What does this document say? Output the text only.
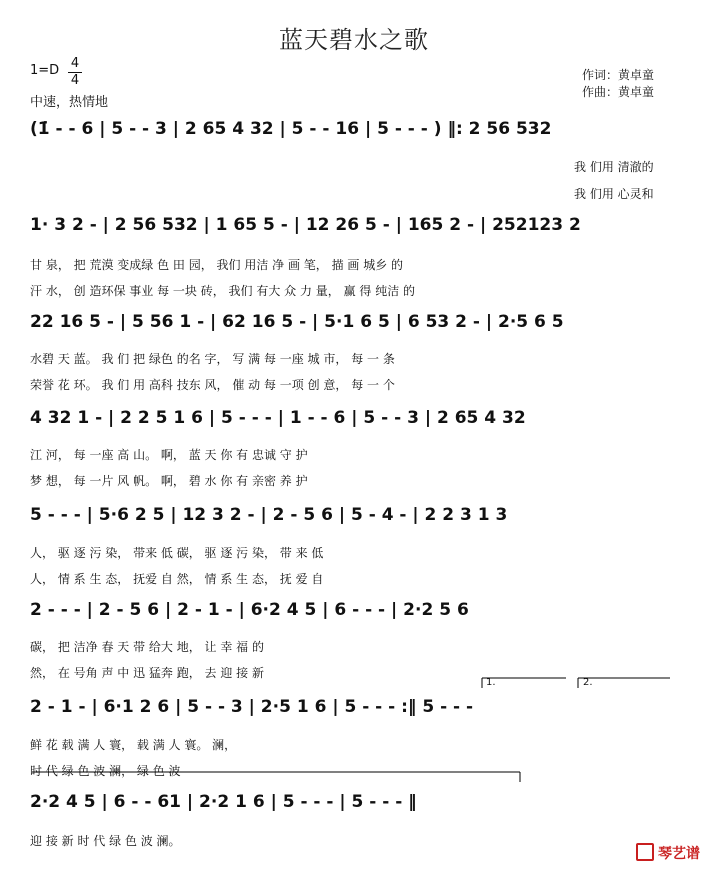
蓝天碧水之歌
1=D 4
4
中速，热情地
作词：黄卓童
作曲：黄卓童
(1̇ - - 6 | 5 - - 3 | 2 65 4 32 | 5 - - 16 | 5 - - - ) ‖: 2 56 532
我 们用 清澈的
我 们用 心灵和
1· 3 2 - | 2 56 532 | 1 65 5 - | 12 26 5 - | 165 2 - | 252123 2
甘 泉， 把 荒漠 变成绿 色 田 园， 我们 用洁 净 画 笔， 描 画 城乡 的
汗 水， 创 造环保 事业 每 一块 砖， 我们 有大 众 力 量， 赢 得 纯洁 的
22 16 5 - | 5 56 1 - | 62 16 5 - | 5·1 6 5 | 6 53 2 - | 2·5 6 5
水碧 天 蓝。 我 们 把 绿色 的名 字， 写 满 每 一座 城 市， 每 一 条
荣誉 花 环。 我 们 用 高科 技东 风， 催 动 每 一项 创 意， 每 一 个
4 32 1 - | 2 2 5 1 6 | 5 - - - | 1 - - 6 | 5 - - 3 | 2 65 4 32
江 河， 每 一座 高 山。 啊， 蓝 天 你 有 忠诚 守 护
梦 想， 每 一片 风 帆。 啊， 碧 水 你 有 亲密 养 护
5 - - - | 5·6 2 5 | 12 3 2 - | 2 - 5 6 | 5 - 4 - | 2 2 3 1 3
人， 驱 逐 污 染， 带来 低 碳， 驱 逐 污 染， 带 来 低
人， 情 系 生 态， 抚爱 自 然， 情 系 生 态， 抚 爱 自
2 - - - | 2 - 5 6 | 2 - 1 - | 6·2 4 5 | 6 - - - | 2·2 5 6
碳， 把 洁净 春 天 带 给大 地， 让 幸 福 的
然， 在 号角 声 中 迅 猛奔 跑， 去 迎 接 新
1.	2.
2 - 1 - | 6·1 2 6 | 5 - - 3 | 2·5 1 6 | 5 - - - :‖ 5 - - -
鲜 花 载 满 人 寰， 载 满 人 寰。 澜，
时 代 绿 色 波 澜， 绿 色 波
2·2 4 5 | 6 - - 61 | 2·2 1 6 | 5 - - - | 5 - - - ‖
迎 接 新 时 代 绿 色 波 澜。
琴艺谱
